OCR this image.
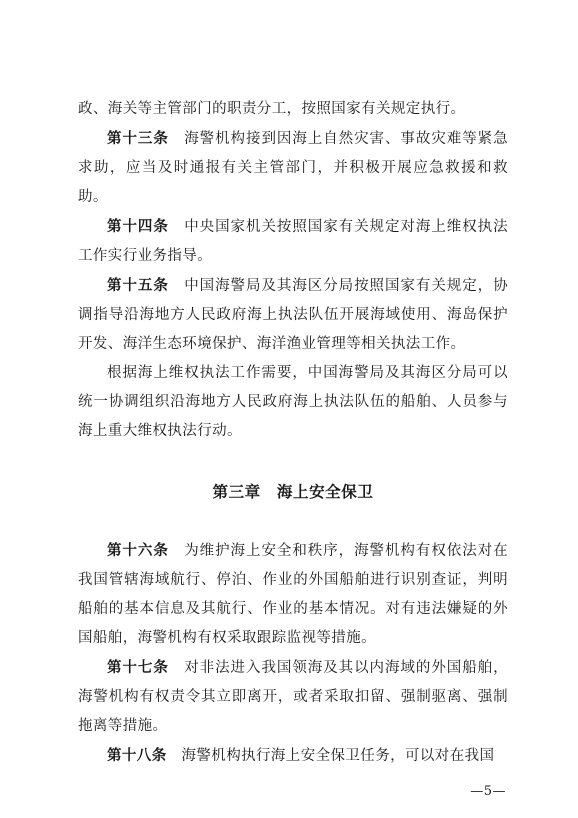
政、海关等主管部门的职责分工，按照国家有关规定执行。

第十三条　海警机构接到因海上自然灾害、事故灾难等紧急求助，应当及时通报有关主管部门，并积极开展应急救援和救助。

第十四条　中央国家机关按照国家有关规定对海上维权执法工作实行业务指导。

第十五条　中国海警局及其海区分局按照国家有关规定，协调指导沿海地方人民政府海上执法队伍开展海域使用、海岛保护开发、海洋生态环境保护、海洋渔业管理等相关执法工作。

根据海上维权执法工作需要，中国海警局及其海区分局可以统一协调组织沿海地方人民政府海上执法队伍的船舶、人员参与海上重大维权执法行动。

第三章　海上安全保卫

第十六条　为维护海上安全和秩序，海警机构有权依法对在我国管辖海域航行、停泊、作业的外国船舶进行识别查证，判明船舶的基本信息及其航行、作业的基本情况。对有违法嫌疑的外国船舶，海警机构有权采取跟踪监视等措施。

第十七条　对非法进入我国领海及其以内海域的外国船舶，海警机构有权责令其立即离开，或者采取扣留、强制驱离、强制拖离等措施。

第十八条　海警机构执行海上安全保卫任务，可以对在我国

—5—
